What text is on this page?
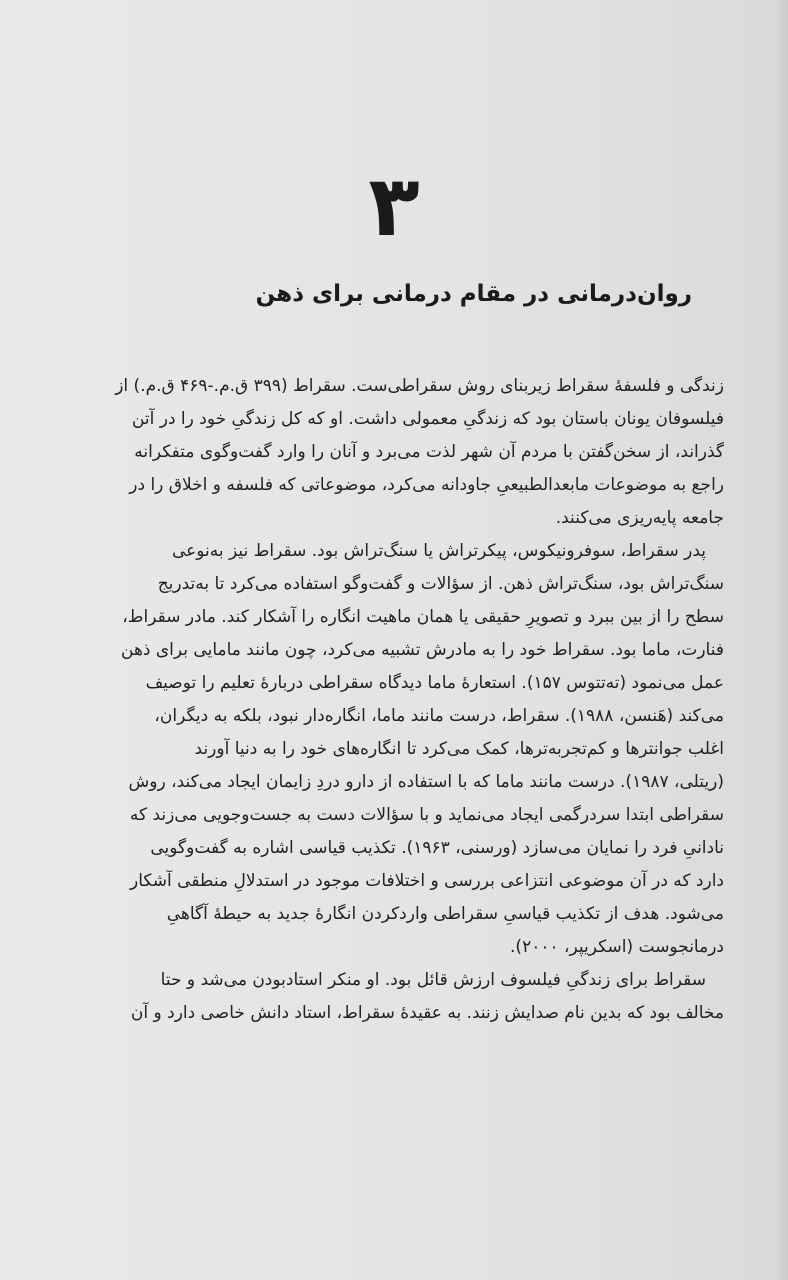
۳
روان‌درمانی در مقام درمانی برای ذهن
زندگی و فلسفهٔ سقراط زیربنای روش سقراطی‌ست. سقراط (۳۹۹ ق.م.-۴۶۹ ق.م.) از
فیلسوفان یونان باستان بود که زندگیِ معمولی داشت. او که کل زندگیِ خود را در آتن
گذراند، از سخن‌گفتن با مردم آن شهر لذت می‌برد و آنان را وارد گفت‌وگوی متفکرانه
راجع به موضوعات مابعدالطبیعیِ جاودانه می‌کرد، موضوعاتی که فلسفه و اخلاق را در
جامعه پایه‌ریزی می‌کنند.
پدر سقراط، سوفرونیکوس، پیکرتراش یا سنگ‌تراش بود. سقراط نیز به‌نوعی
سنگ‌تراش بود، سنگ‌تراش ذهن. از سؤالات و گفت‌وگو استفاده می‌کرد تا به‌تدریج
سطح را از بین ببرد و تصویرِ حقیقی یا همان ماهیت انگاره را آشکار کند. مادر سقراط،
فنارت، ماما بود. سقراط خود را به مادرش تشبیه می‌کرد، چون مانند مامایی برای ذهن
عمل می‌نمود (ته‌تتوس ۱۵۷). استعارهٔ ماما دیدگاه سقراطی دربارهٔ تعلیم را توصیف
می‌کند (هَنسن، ۱۹۸۸). سقراط، درست مانند ماما، انگاره‌دار نبود، بلکه به دیگران،
اغلب جوانترها و کم‌تجربه‌ترها، کمک می‌کرد تا انگاره‌های خود را به دنیا آورند
(ریتلی، ۱۹۸۷). درست مانند ماما که با استفاده از دارو دردِ زایمان ایجاد می‌کند، روش
سقراطی ابتدا سردرگمی ایجاد می‌نماید و با سؤالات دست به جست‌وجویی می‌زند که
نادانیِ فرد را نمایان می‌سازد (ورسنی، ۱۹۶۳). تکذیب قیاسی اشاره به گفت‌وگویی
دارد که در آن موضوعی انتزاعی بررسی و اختلافات موجود در استدلالِ منطقی آشکار
می‌شود. هدف از تکذیب قیاسیِ سقراطی واردکردن انگارهٔ جدید به حیطهٔ آگاهیِ
درمانجوست (اسکریپر، ۲۰۰۰).
سقراط برای زندگیِ فیلسوف ارزش قائل بود. او منکر استادبودن می‌شد و حتا
مخالف بود که بدین نام صدایش زنند. به عقیدهٔ سقراط، استاد دانش خاصی دارد و آن
